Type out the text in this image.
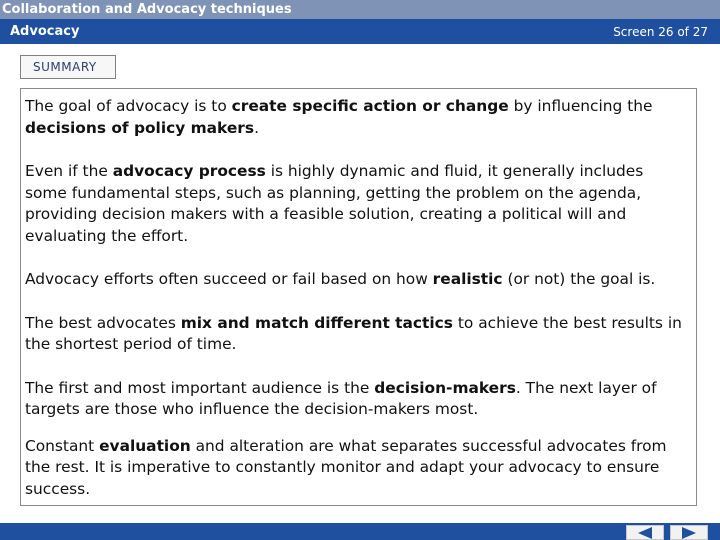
Collaboration and Advocacy techniques
Advocacy	Screen 26 of 27
SUMMARY

The goal of advocacy is to create specific action or change by influencing the decisions of policy makers.

Even if the advocacy process is highly dynamic and fluid, it generally includes some fundamental steps, such as planning, getting the problem on the agenda, providing decision makers with a feasible solution, creating a political will and evaluating the effort.

Advocacy efforts often succeed or fail based on how realistic (or not) the goal is.

The best advocates mix and match different tactics to achieve the best results in the shortest period of time.

The first and most important audience is the decision-makers. The next layer of targets are those who influence the decision-makers most.

Constant evaluation and alteration are what separates successful advocates from the rest. It is imperative to constantly monitor and adapt your advocacy to ensure success.
